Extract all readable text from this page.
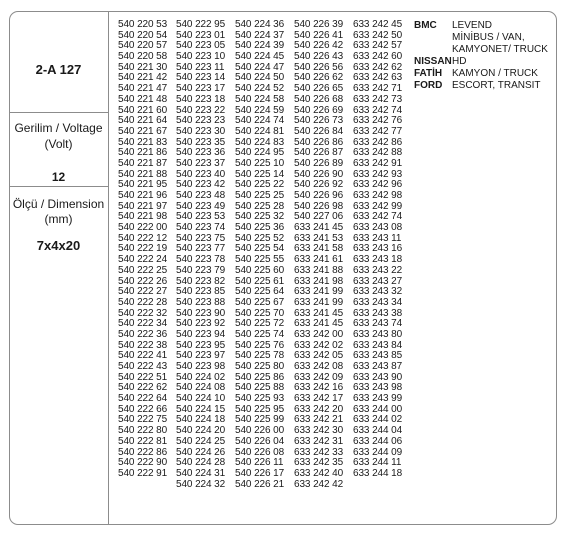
2-A 127
Gerilim / Voltage
(Volt)
12
Ölçü / Dimension
(mm)
7x4x20
540 220 53
540 220 54
540 220 57
540 220 58
540 221 30
540 221 42
540 221 47
540 221 48
540 221 60
540 221 64
540 221 67
540 221 83
540 221 86
540 221 87
540 221 88
540 221 95
540 221 96
540 221 97
540 221 98
540 222 00
540 222 12
540 222 19
540 222 24
540 222 25
540 222 26
540 222 27
540 222 28
540 222 32
540 222 34
540 222 36
540 222 38
540 222 41
540 222 43
540 222 51
540 222 62
540 222 64
540 222 66
540 222 75
540 222 80
540 222 81
540 222 86
540 222 90
540 222 91
540 222 95
540 223 01
540 223 05
540 223 10
540 223 11
540 223 14
540 223 17
540 223 18
540 223 22
540 223 23
540 223 30
540 223 35
540 223 36
540 223 37
540 223 40
540 223 42
540 223 48
540 223 49
540 223 53
540 223 74
540 223 75
540 223 77
540 223 78
540 223 79
540 223 82
540 223 85
540 223 88
540 223 90
540 223 92
540 223 94
540 223 95
540 223 97
540 223 98
540 224 02
540 224 08
540 224 10
540 224 15
540 224 18
540 224 20
540 224 25
540 224 26
540 224 28
540 224 31
540 224 32
540 224 36
540 224 37
540 224 39
540 224 45
540 224 47
540 224 50
540 224 52
540 224 58
540 224 59
540 224 74
540 224 81
540 224 83
540 224 95
540 225 10
540 225 14
540 225 22
540 225 25
540 225 28
540 225 32
540 225 36
540 225 52
540 225 54
540 225 55
540 225 60
540 225 61
540 225 64
540 225 67
540 225 70
540 225 72
540 225 74
540 225 76
540 225 78
540 225 80
540 225 86
540 225 88
540 225 93
540 225 95
540 225 99
540 226 00
540 226 04
540 226 08
540 226 11
540 226 17
540 226 21
540 226 39
540 226 41
540 226 42
540 226 43
540 226 56
540 226 62
540 226 65
540 226 68
540 226 69
540 226 73
540 226 84
540 226 86
540 226 87
540 226 89
540 226 90
540 226 92
540 226 96
540 226 98
540 227 06
633 241 45
633 241 53
633 241 58
633 241 61
633 241 88
633 241 98
633 241 99
633 241 99
633 241 45
633 241 45
633 242 00
633 242 02
633 242 05
633 242 08
633 242 09
633 242 16
633 242 17
633 242 20
633 242 21
633 242 30
633 242 31
633 242 33
633 242 35
633 242 40
633 242 42
633 242 45
633 242 50
633 242 57
633 242 60
633 242 62
633 242 63
633 242 71
633 242 73
633 242 74
633 242 76
633 242 77
633 242 86
633 242 88
633 242 91
633 242 93
633 242 96
633 242 98
633 242 99
633 242 74
633 243 08
633 243 11
633 243 16
633 243 18
633 243 22
633 243 27
633 243 32
633 243 34
633 243 38
633 243 74
633 243 80
633 243 84
633 243 85
633 243 87
633 243 90
633 243 98
633 243 99
633 244 00
633 244 02
633 244 04
633 244 06
633 244 09
633 244 11
633 244 18
BMC	LEVEND
MİNİBUS / VAN,
KAMYONET/ TRUCK
NISSAN HD
FATİH KAMYON / TRUCK
FORD ESCORT, TRANSIT
